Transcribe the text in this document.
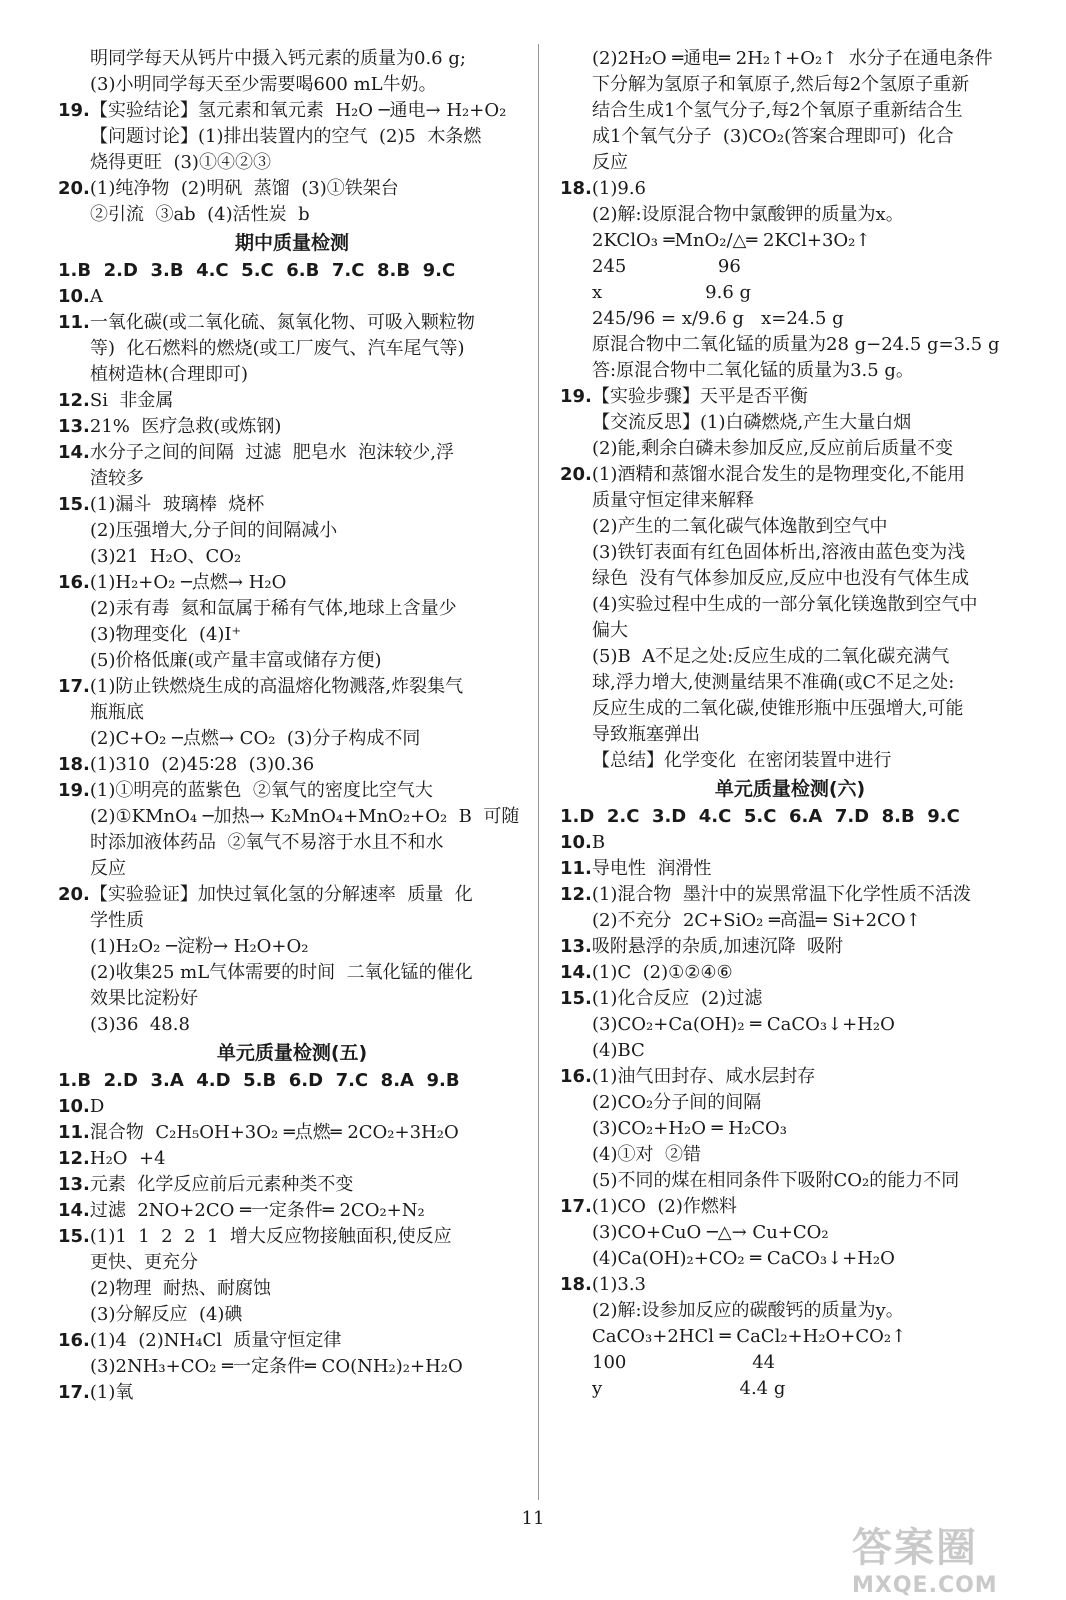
明同学每天从钙片中摄入钙元素的质量为0.6 g;
(3)小明同学每天至少需要喝600 mL牛奶。
19.【实验结论】氢元素和氧元素  H₂O ─通电→ H₂+O₂
【问题讨论】(1)排出装置内的空气  (2)5  木条燃
烧得更旺  (3)①④②③
20.(1)纯净物  (2)明矾  蒸馏  (3)①铁架台
②引流  ③ab  (4)活性炭  b
期中质量检测
1.B  2.D  3.B  4.C  5.C  6.B  7.C  8.B  9.C
10.A
11.一氧化碳(或二氧化硫、氮氧化物、可吸入颗粒物
等)  化石燃料的燃烧(或工厂废气、汽车尾气等)
植树造林(合理即可)
12.Si  非金属
13.21%  医疗急救(或炼钢)
14.水分子之间的间隔  过滤  肥皂水  泡沫较少,浮
渣较多
15.(1)漏斗  玻璃棒  烧杯
(2)压强增大,分子间的间隔减小
(3)21  H₂O、CO₂
16.(1)H₂+O₂ ─点燃→ H₂O
(2)汞有毒  氦和氙属于稀有气体,地球上含量少
(3)物理变化  (4)I⁺
(5)价格低廉(或产量丰富或储存方便)
17.(1)防止铁燃烧生成的高温熔化物溅落,炸裂集气
瓶瓶底
(2)C+O₂ ─点燃→ CO₂  (3)分子构成不同
18.(1)310  (2)45∶28  (3)0.36
19.(1)①明亮的蓝紫色  ②氧气的密度比空气大
(2)①KMnO₄ ─加热→ K₂MnO₄+MnO₂+O₂  B  可随
时添加液体药品  ②氧气不易溶于水且不和水
反应
20.【实验验证】加快过氧化氢的分解速率  质量  化
学性质
(1)H₂O₂ ─淀粉→ H₂O+O₂
(2)收集25 mL气体需要的时间  二氧化锰的催化
效果比淀粉好
(3)36  48.8
单元质量检测(五)
1.B  2.D  3.A  4.D  5.B  6.D  7.C  8.A  9.B
10.D
11.混合物  C₂H₅OH+3O₂ ═点燃═ 2CO₂+3H₂O
12.H₂O  +4
13.元素  化学反应前后元素种类不变
14.过滤  2NO+2CO ═一定条件═ 2CO₂+N₂
15.(1)1  1  2  2  1  增大反应物接触面积,使反应
更快、更充分
(2)物理  耐热、耐腐蚀
(3)分解反应  (4)碘
16.(1)4  (2)NH₄Cl  质量守恒定律
(3)2NH₃+CO₂ ═一定条件═ CO(NH₂)₂+H₂O
17.(1)氧
(2)2H₂O ═通电═ 2H₂↑+O₂↑  水分子在通电条件
下分解为氢原子和氧原子,然后每2个氢原子重新
结合生成1个氢气分子,每2个氧原子重新结合生
成1个氧气分子  (3)CO₂(答案合理即可)  化合
反应
18.(1)9.6
(2)解:设原混合物中氯酸钾的质量为x。
2KClO₃ ═MnO₂/△═ 2KCl+3O₂↑
245                96
x                  9.6 g
245/96 = x/9.6 g   x=24.5 g
原混合物中二氧化锰的质量为28 g−24.5 g=3.5 g
答:原混合物中二氧化锰的质量为3.5 g。
19.【实验步骤】天平是否平衡
【交流反思】(1)白磷燃烧,产生大量白烟
(2)能,剩余白磷未参加反应,反应前后质量不变
20.(1)酒精和蒸馏水混合发生的是物理变化,不能用
质量守恒定律来解释
(2)产生的二氧化碳气体逸散到空气中
(3)铁钉表面有红色固体析出,溶液由蓝色变为浅
绿色  没有气体参加反应,反应中也没有气体生成
(4)实验过程中生成的一部分氧化镁逸散到空气中
偏大
(5)B  A不足之处:反应生成的二氧化碳充满气
球,浮力增大,使测量结果不准确(或C不足之处:
反应生成的二氧化碳,使锥形瓶中压强增大,可能
导致瓶塞弹出
【总结】化学变化  在密闭装置中进行
单元质量检测(六)
1.D  2.C  3.D  4.C  5.C  6.A  7.D  8.B  9.C
10.B
11.导电性  润滑性
12.(1)混合物  墨汁中的炭黑常温下化学性质不活泼
(2)不充分  2C+SiO₂ ═高温═ Si+2CO↑
13.吸附悬浮的杂质,加速沉降  吸附
14.(1)C  (2)①②④⑥
15.(1)化合反应  (2)过滤
(3)CO₂+Ca(OH)₂ ═ CaCO₃↓+H₂O
(4)BC
16.(1)油气田封存、咸水层封存
(2)CO₂分子间的间隔
(3)CO₂+H₂O ═ H₂CO₃
(4)①对  ②错
(5)不同的煤在相同条件下吸附CO₂的能力不同
17.(1)CO  (2)作燃料
(3)CO+CuO ─△→ Cu+CO₂
(4)Ca(OH)₂+CO₂ ═ CaCO₃↓+H₂O
18.(1)3.3
(2)解:设参加反应的碳酸钙的质量为y。
CaCO₃+2HCl ═ CaCl₂+H₂O+CO₂↑
100                      44
y                        4.4 g
11
答案圈
MXQE.COM
